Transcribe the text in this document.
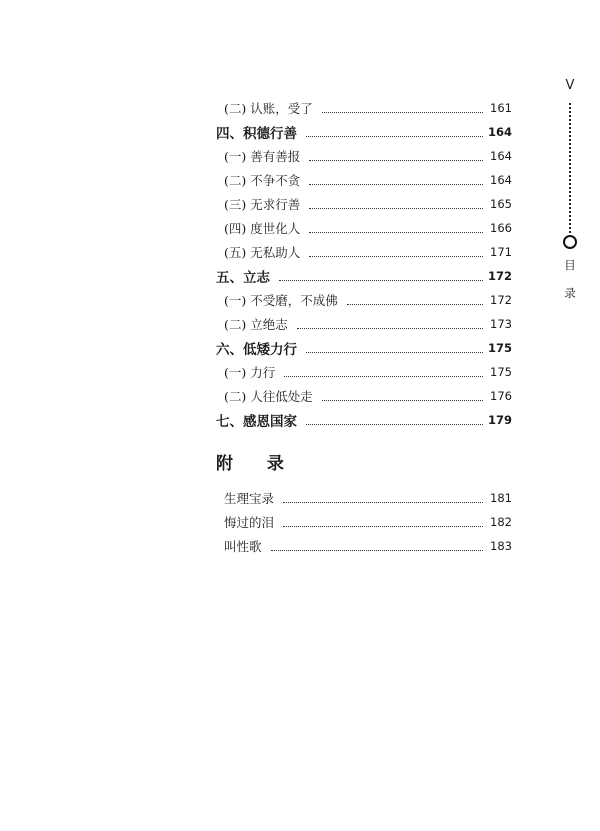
(二) 认账，受了	161
四、积德行善	164
(一) 善有善报	164
(二) 不争不贪	164
(三) 无求行善	165
(四) 度世化人	166
(五) 无私助人	171
五、立志	172
(一) 不受磨，不成佛	172
(二) 立绝志	173
六、低矮力行	175
(一) 力行	175
(二) 人往低处走	176
七、感恩国家	179
附 录
生理宝录	181
悔过的泪	182
叫性歌	183
V
目
录
